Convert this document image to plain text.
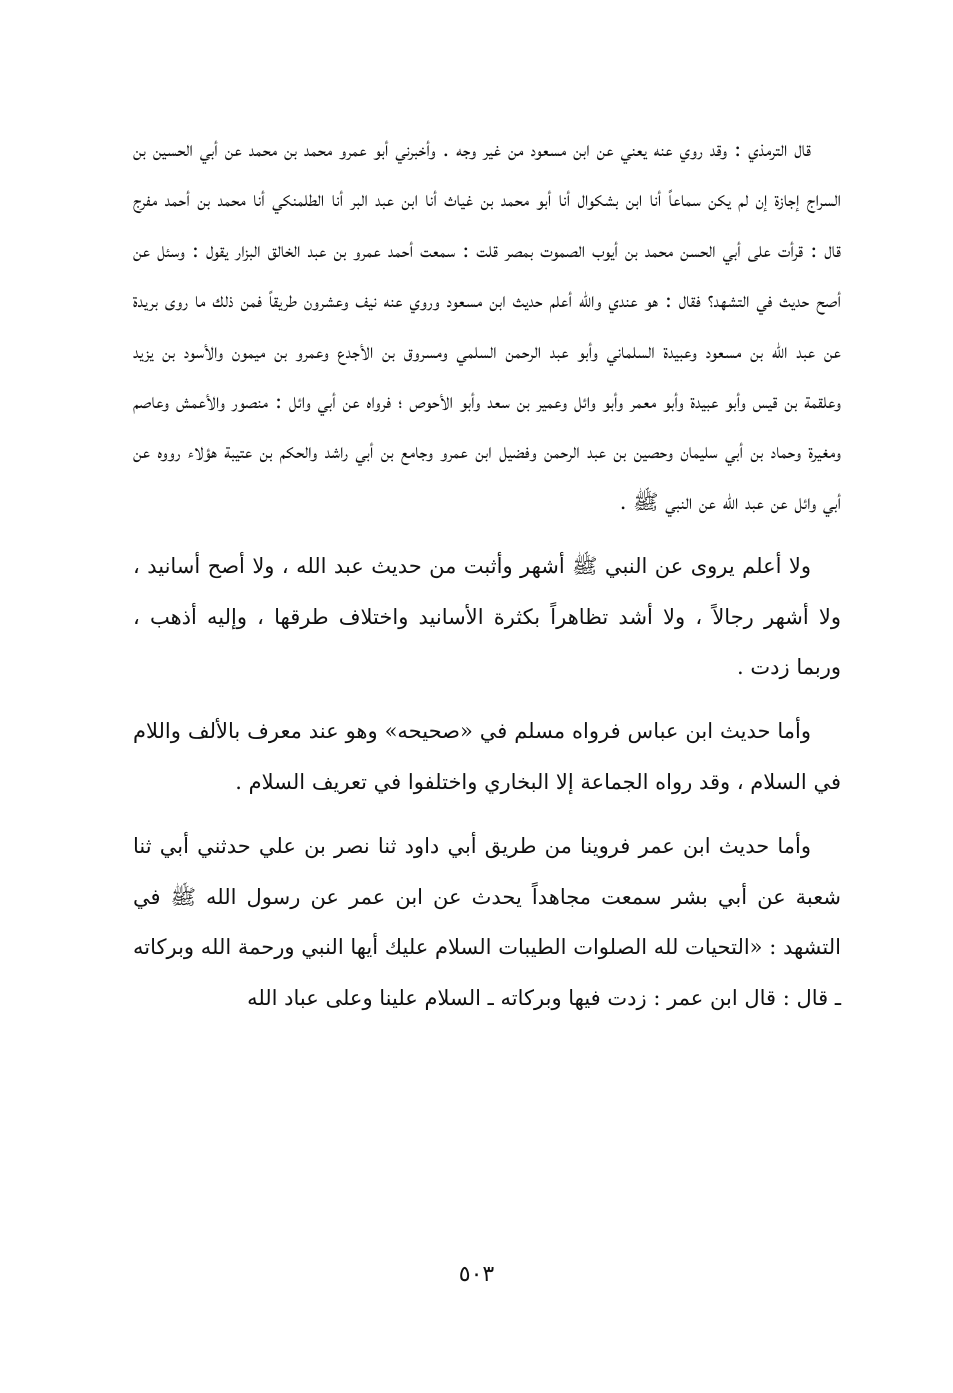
قال الترمذي : وقد روي عنه يعني عن ابن مسعود من غير وجه . وأخبرني أبو عمرو محمد بن محمد عن أبي الحسين بن السراج إجازة إن لم يكن سماعاً أنا ابن بشكوال أنا أبو محمد بن غياث أنا ابن عبد البر أنا الطلمنكي أنا محمد بن أحمد مفرج قال : قرأت على أبي الحسن محمد بن أيوب الصموت بمصر قلت : سمعت أحمد عمرو بن عبد الخالق البزار يقول : وسئل عن أصح حديث في التشهد؟ فقال : هو عندي والله أعلم حديث ابن مسعود وروي عنه نيف وعشرون طريقاً فمن ذلك ما روى بريدة عن عبد الله بن مسعود وعبيدة السلماني وأبو عبد الرحمن السلمي ومسروق بن الأجدع وعمرو بن ميمون والأسود بن يزيد وعلقمة بن قيس وأبو عبيدة وأبو معمر وأبو وائل وعمير بن سعد وأبو الأحوص ؛ فرواه عن أبي وائل : منصور والأعمش وعاصم ومغيرة وحماد بن أبي سليمان وحصين بن عبد الرحمن وفضيل ابن عمرو وجامع بن أبي راشد والحكم بن عتيبة هؤلاء رووه عن أبي وائل عن عبد الله عن النبي ﷺ .

ولا أعلم يروى عن النبي ﷺ أشهر وأثبت من حديث عبد الله ، ولا أصح أسانيد ، ولا أشهر رجالاً ، ولا أشد تظاهراً بكثرة الأسانيد واختلاف طرقها ، وإليه أذهب ، وربما زدت .

وأما حديث ابن عباس فرواه مسلم في «صحيحه» وهو عند معرف بالألف واللام في السلام ، وقد رواه الجماعة إلا البخاري واختلفوا في تعريف السلام .

وأما حديث ابن عمر فروينا من طريق أبي داود ثنا نصر بن علي حدثني أبي ثنا شعبة عن أبي بشر سمعت مجاهداً يحدث عن ابن عمر عن رسول الله ﷺ في التشهد : «التحيات لله الصلوات الطيبات السلام عليك أيها النبي ورحمة الله وبركاته ـ قال : قال ابن عمر : زدت فيها وبركاته ـ السلام علينا وعلى عباد الله

٥٠٣
